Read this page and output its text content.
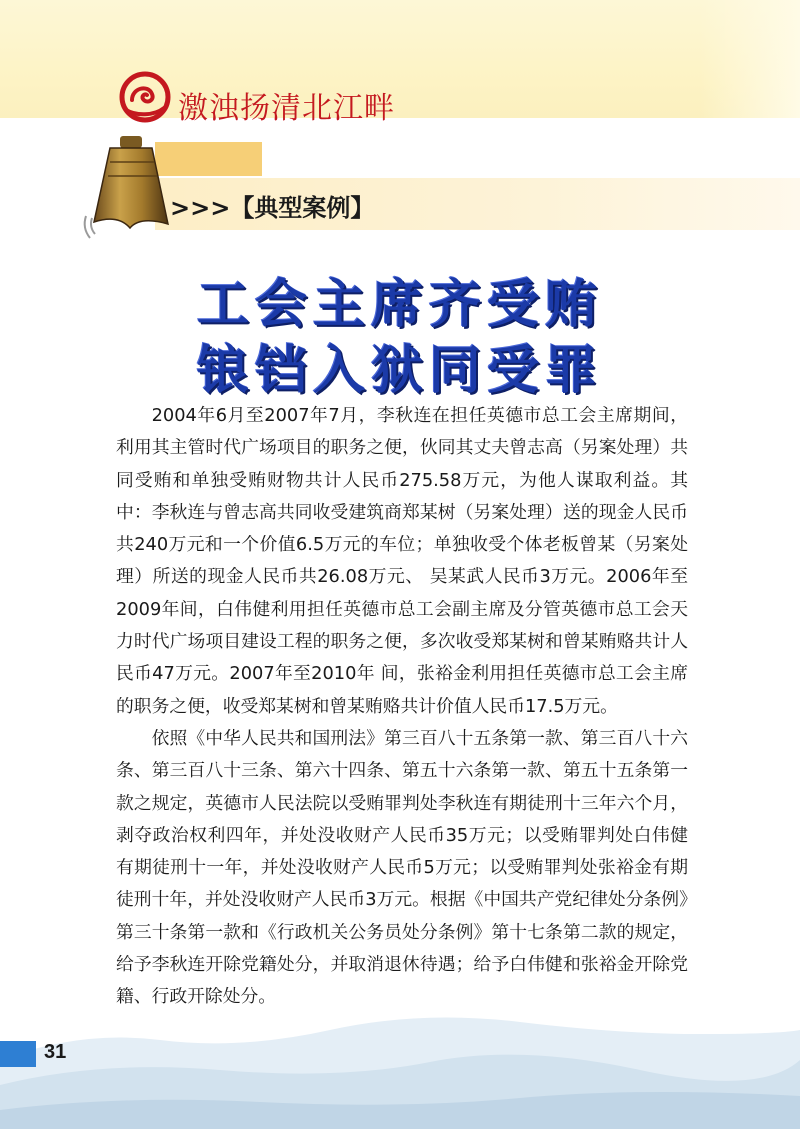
激浊扬清北江畔
>>>【典型案例】
工会主席齐受贿
锒铛入狱同受罪

2004年6月至2007年7月，李秋连在担任英德市总工会主席期间，利用其主管时代广场项目的职务之便，伙同其丈夫曾志高（另案处理）共同受贿和单独受贿财物共计人民币275.58万元，为他人谋取利益。其中：李秋连与曾志高共同收受建筑商郑某树（另案处理）送的现金人民币共240万元和一个价值6.5万元的车位；单独收受个体老板曾某（另案处理）所送的现金人民币共26.08万元、 吴某武人民币3万元。2006年至2009年间，白伟健利用担任英德市总工会副主席及分管英德市总工会天力时代广场项目建设工程的职务之便，多次收受郑某树和曾某贿赂共计人民币47万元。2007年至2010年 间，张裕金利用担任英德市总工会主席的职务之便，收受郑某树和曾某贿赂共计价值人民币17.5万元。

依照《中华人民共和国刑法》第三百八十五条第一款、第三百八十六条、第三百八十三条、第六十四条、第五十六条第一款、第五十五条第一款之规定，英德市人民法院以受贿罪判处李秋连有期徒刑十三年六个月，剥夺政治权利四年，并处没收财产人民币35万元；以受贿罪判处白伟健有期徒刑十一年，并处没收财产人民币5万元；以受贿罪判处张裕金有期徒刑十年，并处没收财产人民币3万元。根据《中国共产党纪律处分条例》第三十条第一款和《行政机关公务员处分条例》第十七条第二款的规定，给予李秋连开除党籍处分，并取消退休待遇；给予白伟健和张裕金开除党籍、行政开除处分。

31
